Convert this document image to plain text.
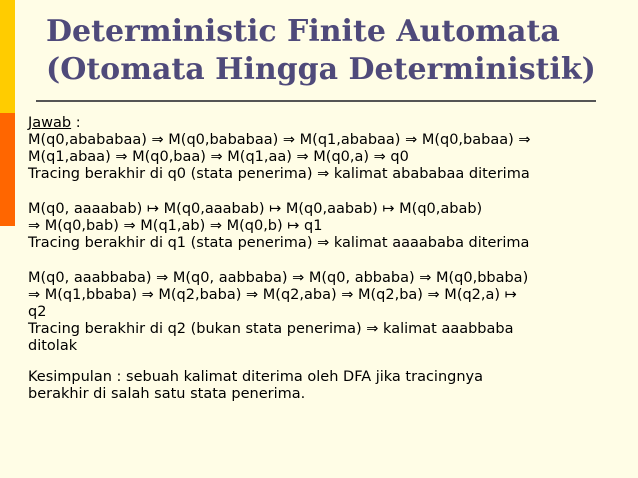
Deterministic Finite Automata
(Otomata Hingga Deterministik)
Jawab :
M(q0,abababaa) ⇒ M(q0,bababaa) ⇒ M(q1,ababaa) ⇒ M(q0,babaa) ⇒
M(q1,abaa) ⇒ M(q0,baa) ⇒ M(q1,aa) ⇒ M(q0,a) ⇒ q0
Tracing berakhir di q0 (stata penerima) ⇒ kalimat abababaa diterima
M(q0, aaaabab) ↦ M(q0,aaabab) ↦ M(q0,aabab) ↦ M(q0,abab)
⇒ M(q0,bab) ⇒ M(q1,ab) ⇒ M(q0,b) ↦ q1
Tracing berakhir di q1 (stata penerima) ⇒ kalimat aaaababa diterima
M(q0, aaabbaba) ⇒ M(q0, aabbaba) ⇒ M(q0, abbaba) ⇒ M(q0,bbaba)
⇒ M(q1,bbaba) ⇒ M(q2,baba) ⇒ M(q2,aba) ⇒ M(q2,ba) ⇒ M(q2,a) ↦
q2
Tracing berakhir di q2 (bukan stata penerima) ⇒ kalimat aaabbaba
ditolak
Kesimpulan : sebuah kalimat diterima oleh DFA jika tracingnya
berakhir di salah satu stata penerima.
